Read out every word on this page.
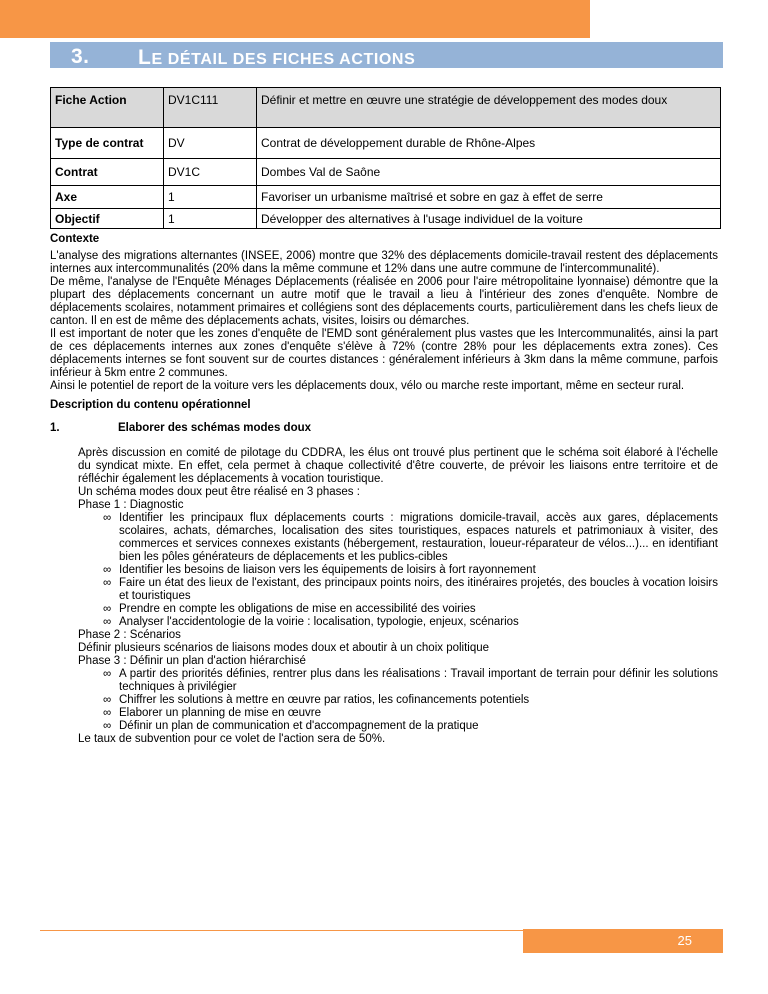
3. LE DÉTAIL DES FICHES ACTIONS
Fiche Action	DV1C111	Définir et mettre en œuvre une stratégie de développement des modes doux
Type de contrat	DV	Contrat de développement durable de Rhône-Alpes
Contrat	DV1C	Dombes Val de Saône
Axe	1	Favoriser un urbanisme maîtrisé et sobre en gaz à effet de serre
Objectif	1	Développer des alternatives à l'usage individuel de la voiture

Contexte

L'analyse des migrations alternantes (INSEE, 2006) montre que 32% des déplacements domicile-travail restent des déplacements internes aux intercommunalités (20% dans la même commune et 12% dans une autre commune de l'intercommunalité).

De même, l'analyse de l'Enquête Ménages Déplacements (réalisée en 2006 pour l'aire métropolitaine lyonnaise) démontre que la plupart des déplacements concernant un autre motif que le travail a lieu à l'intérieur des zones d'enquête. Nombre de déplacements scolaires, notamment primaires et collégiens sont des déplacements courts, particulièrement dans les chefs lieux de canton. Il en est de même des déplacements achats, visites, loisirs ou démarches.

Il est important de noter que les zones d'enquête de l'EMD sont généralement plus vastes que les Intercommunalités, ainsi la part de ces déplacements internes aux zones d'enquête s'élève à 72% (contre 28% pour les déplacements extra zones). Ces déplacements internes se font souvent sur de courtes distances : généralement inférieurs à 3km dans la même commune, parfois inférieur à 5km entre 2 communes.

Ainsi le potentiel de report de la voiture vers les déplacements doux, vélo ou marche reste important, même en secteur rural.

Description du contenu opérationnel

1.	Elaborer des schémas modes doux

Après discussion en comité de pilotage du CDDRA, les élus ont trouvé plus pertinent que le schéma soit élaboré à l'échelle du syndicat mixte. En effet, cela permet à chaque collectivité d'être couverte, de prévoir les liaisons entre territoire et de réfléchir également les déplacements à vocation touristique.

Un schéma modes doux peut être réalisé en 3 phases :

Phase 1 : Diagnostic

∞ Identifier les principaux flux déplacements courts : migrations domicile-travail, accès aux gares, déplacements scolaires, achats, démarches, localisation des sites touristiques, espaces naturels et patrimoniaux à visiter, des commerces et services connexes existants (hébergement, restauration, loueur-réparateur de vélos...)... en identifiant bien les pôles générateurs de déplacements et les publics-cibles
∞ Identifier les besoins de liaison vers les équipements de loisirs à fort rayonnement
∞ Faire un état des lieux de l'existant, des principaux points noirs, des itinéraires projetés, des boucles à vocation loisirs et touristiques
∞ Prendre en compte les obligations de mise en accessibilité des voiries
∞ Analyser l'accidentologie de la voirie : localisation, typologie, enjeux, scénarios

Phase 2 : Scénarios

Définir plusieurs scénarios de liaisons modes doux et aboutir à un choix politique

Phase 3 : Définir un plan d'action hiérarchisé

∞ A partir des priorités définies, rentrer plus dans les réalisations : Travail important de terrain pour définir les solutions techniques à privilégier
∞ Chiffrer les solutions à mettre en œuvre par ratios, les cofinancements potentiels
∞ Elaborer un planning de mise en œuvre
∞ Définir un plan de communication et d'accompagnement de la pratique

Le taux de subvention pour ce volet de l'action sera de 50%.

25
